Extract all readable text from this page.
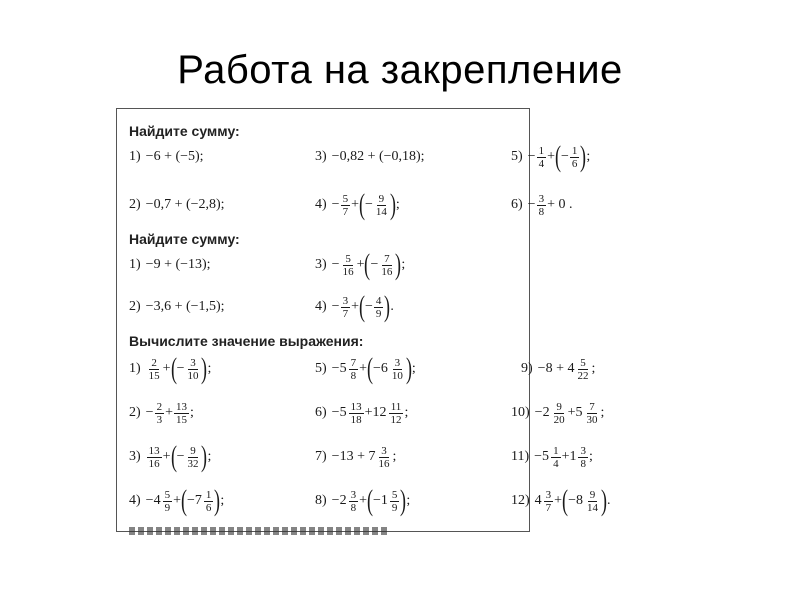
Работа на закрепление
Найдите сумму:
1) −6 + (−5);	3) −0,82 + (−0,18);	$5) - \frac{1}{4}$ + ( − $\frac{1}{6}$ ) ;
2) −0,7 + (−2,8);	$4) - \frac{5}{7}$ + ( − $\frac{9}{14}$ ) ;	$6) - \frac{3}{8} + 0$ .
Найдите сумму:
1) −9 + (−13);	$3) - \frac{5}{16}$ + ( − $\frac{7}{16}$ ) ;
2) −3,6 + (−1,5);	$4) - \frac{3}{7}$ + ( − $\frac{4}{9}$ ) .
Вычислите значение выражения:
$1) \frac{2}{15}$ + ( − $\frac{3}{10}$ ) ;	$5) -5 \frac{7}{8}$ + ( $-6 \frac{3}{10}$ ) ;	$9) -8 + 4 \frac{5}{22}$ ;
$2) - \frac{2}{3} + \frac{13}{15}$ ;	$6) -5 \frac{13}{18} + 12 \frac{11}{12}$ ;	$10) -2 \frac{9}{20} + 5 \frac{7}{30}$ ;
$3) \frac{13}{16}$ + ( − $\frac{9}{32}$ ) ;	$7) -13 + 7 \frac{3}{16}$ ;	$11) -5 \frac{1}{4} + 1 \frac{3}{8}$ ;
$4) -4 \frac{5}{9}$ + ( $-7 \frac{1}{6}$ ) ;	$8) -2 \frac{3}{8}$ + ( $-1 \frac{5}{9}$ ) ;	12) $4 \frac{3}{7}$ + ( $-8 \frac{9}{14}$ ) .
